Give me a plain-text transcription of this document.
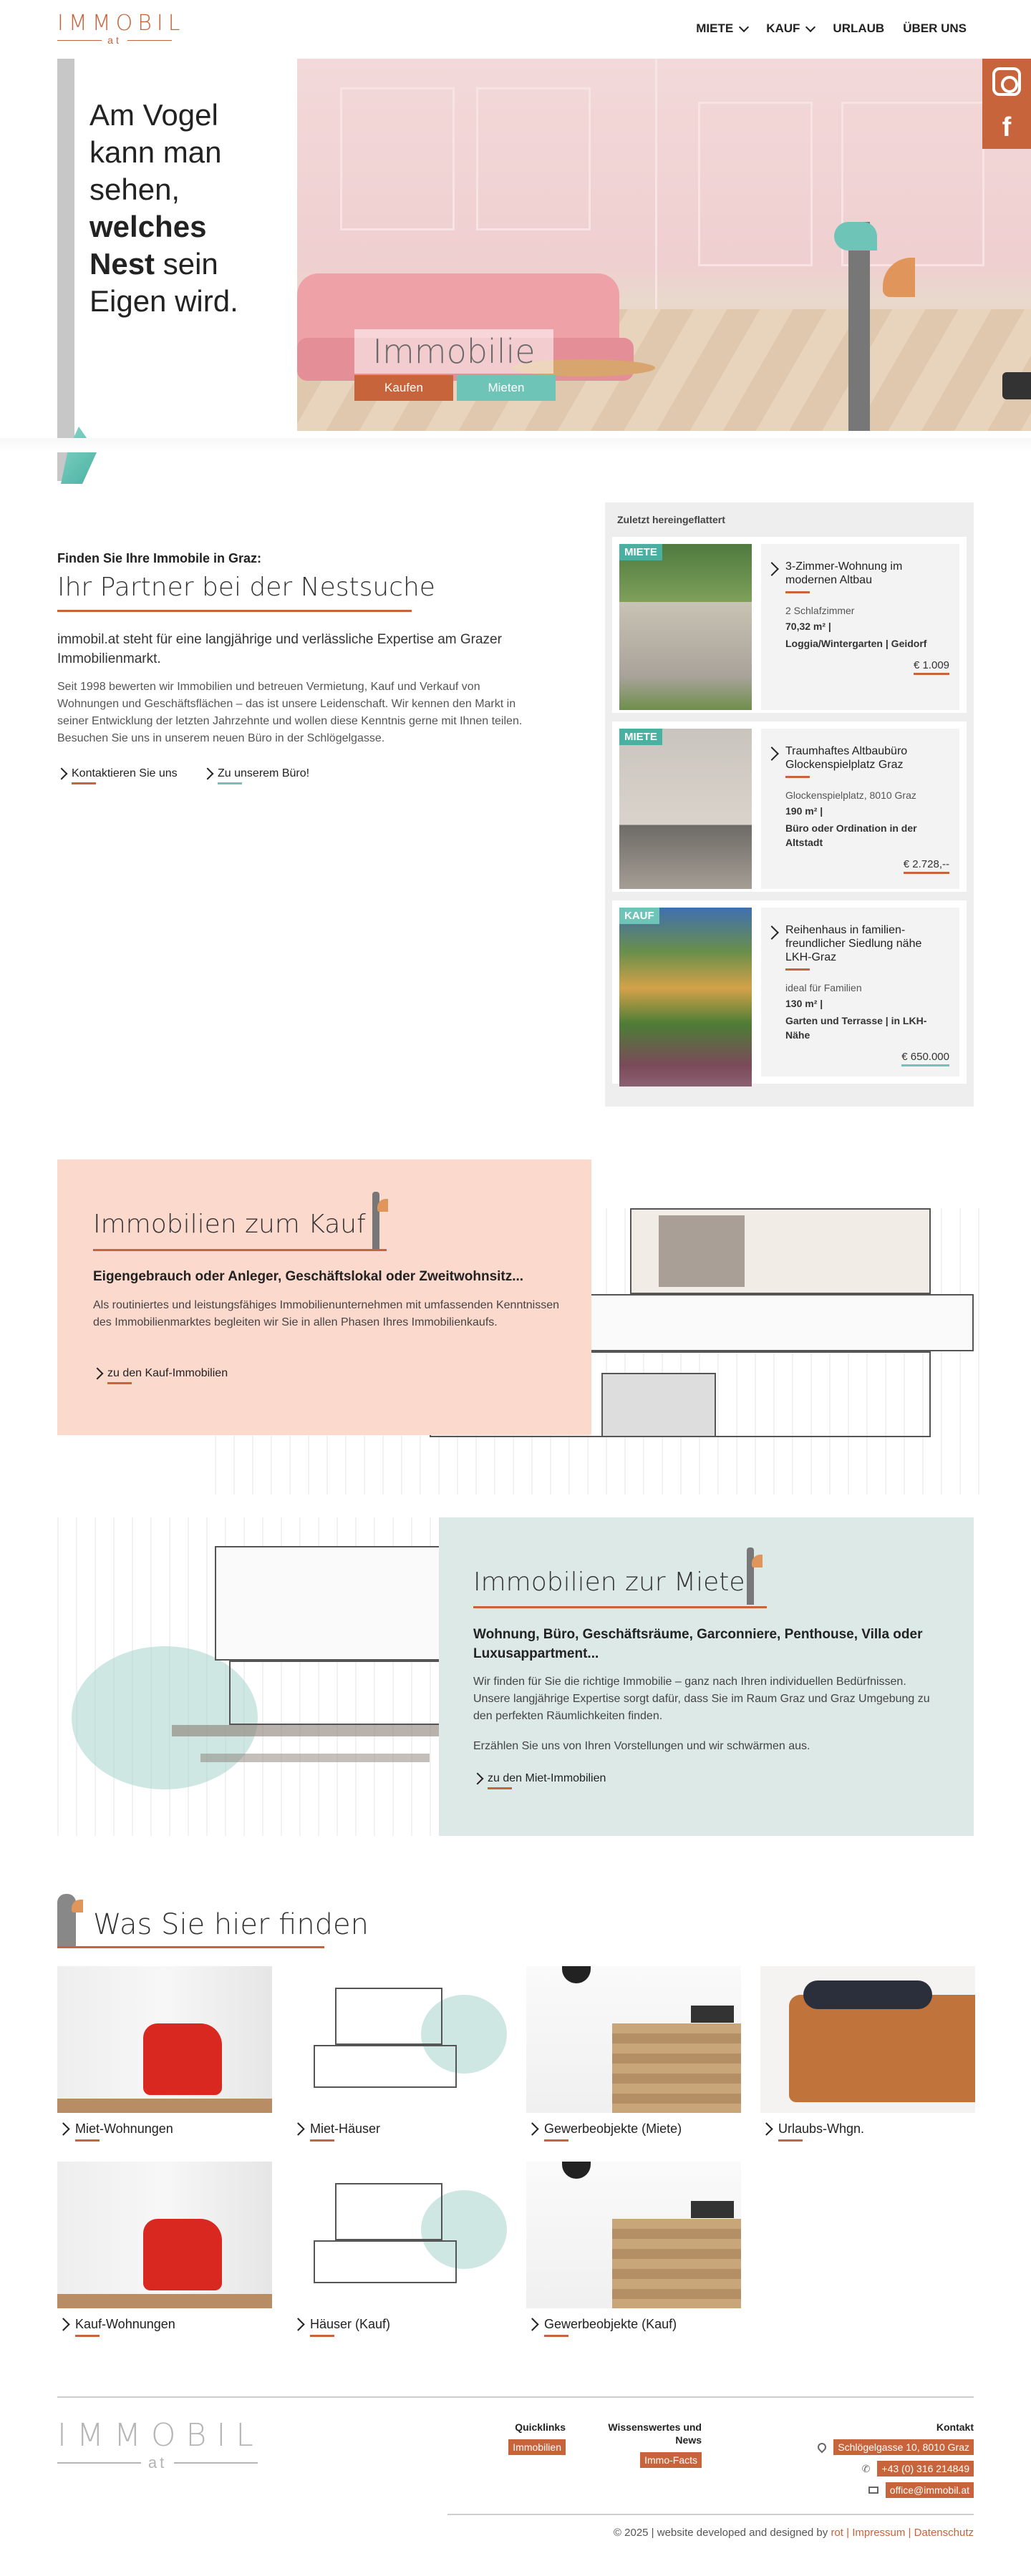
IMMOBIL
at
MIETE	KAUF	URLAUB ÜBER UNS
Am Vogel
kann man
sehen,
welches
Nest sein
Eigen wird.
Immobilie
Kaufen	Mieten
f
Finden Sie Ihre Immobile in Graz:
Ihr Partner bei der Nestsuche
immobil.at steht für eine langjährige und verlässliche Expertise am Grazer Immobilienmarkt.
Seit 1998 bewerten wir Immobilien und betreuen Vermietung, Kauf und Verkauf von Wohnungen und Geschäftsflächen – das ist unsere Leidenschaft. Wir kennen den Markt in seiner Entwicklung der letzten Jahrzehnte und wollen diese Kenntnis gerne mit Ihnen teilen. Besuchen Sie uns in unserem neuen Büro in der Schlögelgasse.
Kontaktieren Sie uns	Zu unserem Büro!
MIETE
3-Zimmer-Wohnung im modernen Altbau
2 Schlafzimmer
70,32 m² |
Loggia/Wintergarten | Geidorf
€ 1.009
MIETE
Traumhaftes Altbaubüro Glockenspielplatz Graz
Glockenspielplatz, 8010 Graz
190 m² |
Büro oder Ordination in der Altstadt
€ 2.728,--
KAUF
Reihenhaus in familien-freundlicher Siedlung nähe LKH-Graz
ideal für Familien
130 m² |
Garten und Terrasse | in LKH-Nähe
€ 650.000
Zuletzt hereingeflattert
Immobilien zum Kauf
Eigengebrauch oder Anleger, Geschäftslokal oder Zweitwohnsitz...
Als routiniertes und leistungsfähiges Immobilienunternehmen mit umfassenden Kenntnissen des Immobilienmarktes begleiten wir Sie in allen Phasen Ihres Immobilienkaufs.
zu den Kauf-Immobilien
Immobilien zur Miete
Wohnung, Büro, Geschäftsräume, Garconniere, Penthouse, Villa oder Luxusappartment...
Wir finden für Sie die richtige Immobilie – ganz nach Ihren individuellen Bedürfnissen. Unsere langjährige Expertise sorgt dafür, dass Sie im Raum Graz und Graz Umgebung zu den perfekten Räumlichkeiten finden.
Erzählen Sie uns von Ihren Vorstellungen und wir schwärmen aus.
zu den Miet-Immobilien
Was Sie hier finden
Miet-Wohnungen	Miet-Häuser	Gewerbeobjekte (Miete)	Urlaubs-Whgn.
Kauf-Wohnungen	Häuser (Kauf)	Gewerbeobjekte (Kauf)
IMMOBIL
at
Quicklinks
Immobilien
Wissenswertes und
News
Immo-Facts
Kontakt
Schlögelgasse 10, 8010 Graz
✆	+43 (0) 316 214849
office@immobil.at
© 2025 | website developed and designed by rot | Impressum | Datenschutz
